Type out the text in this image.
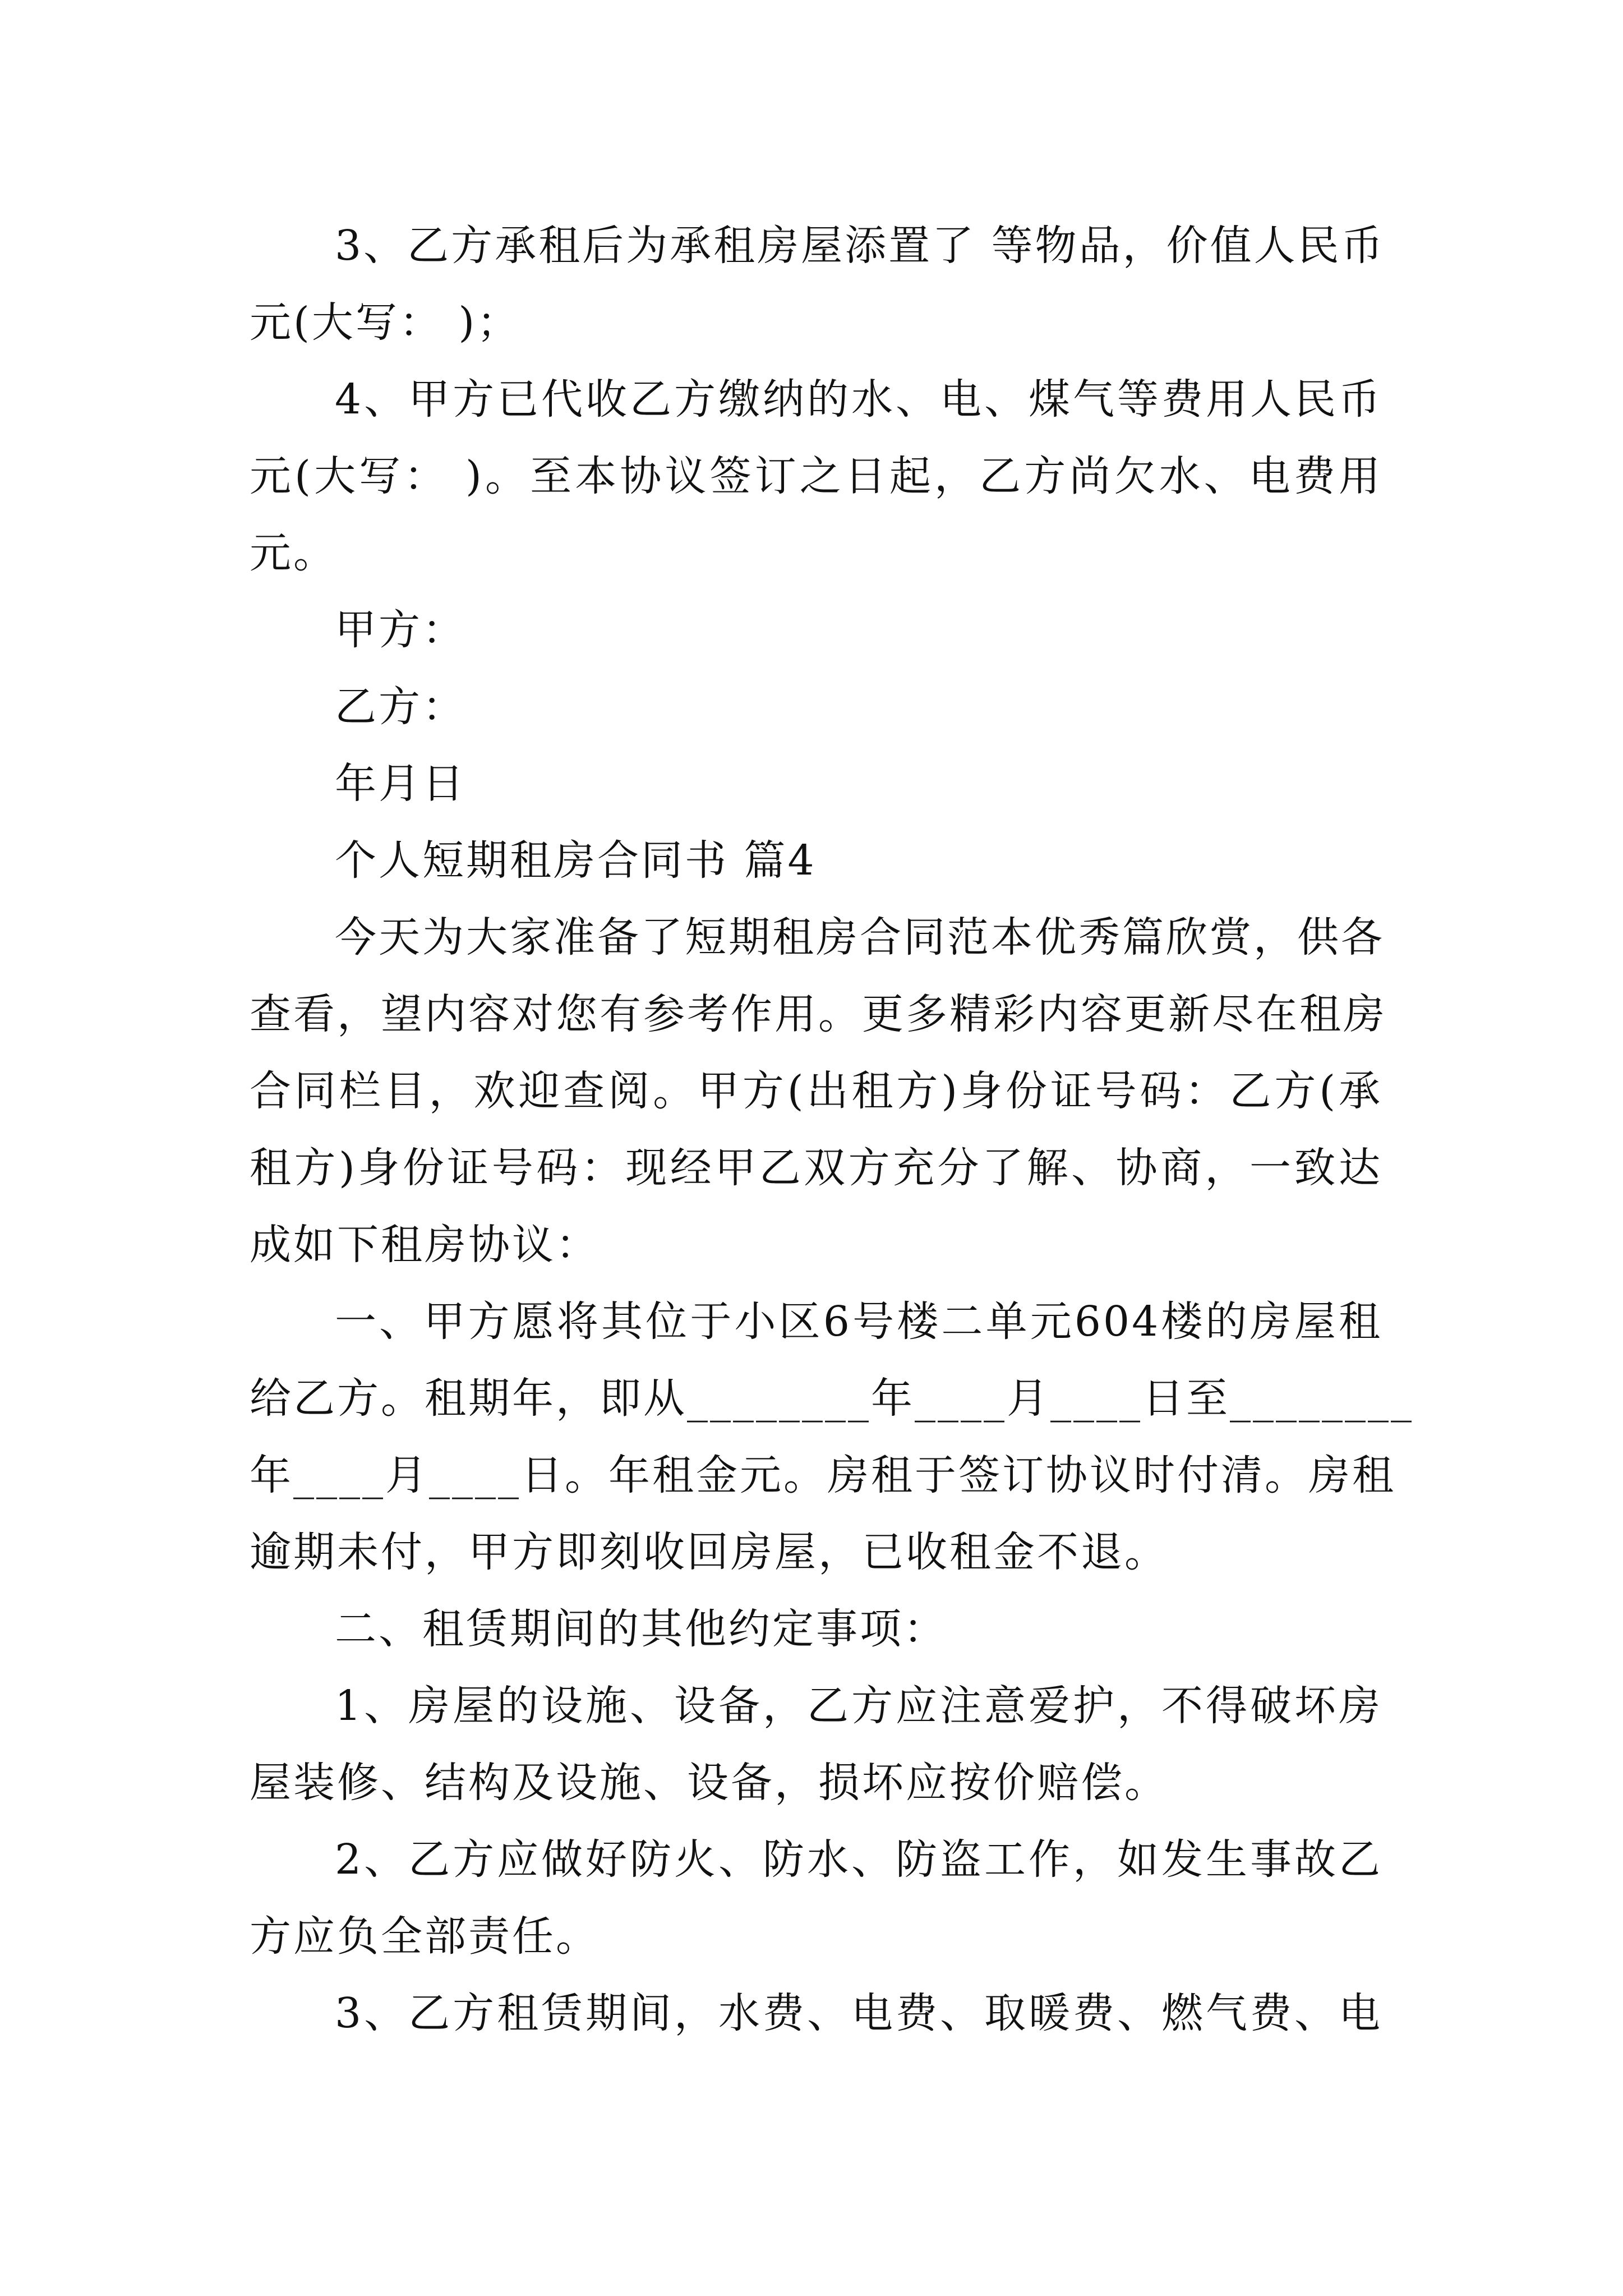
3、乙方承租后为承租房屋添置了 等物品，价值人民币
元(大写： )；
4、甲方已代收乙方缴纳的水、电、煤气等费用人民币
元(大写： )。至本协议签订之日起，乙方尚欠水、电费用
元。
甲方：
乙方：
年月日
个人短期租房合同书 篇4
今天为大家准备了短期租房合同范本优秀篇欣赏，供各
查看，望内容对您有参考作用。更多精彩内容更新尽在租房
合同栏目，欢迎查阅。甲方(出租方)身份证号码：乙方(承
租方)身份证号码：现经甲乙双方充分了解、协商，一致达
成如下租房协议：
一、甲方愿将其位于小区6号楼二单元604楼的房屋租
给乙方。租期年，即从________年____月____日至________
年____月____日。年租金元。房租于签订协议时付清。房租
逾期未付，甲方即刻收回房屋，已收租金不退。
二、租赁期间的其他约定事项：
1、房屋的设施、设备，乙方应注意爱护，不得破坏房
屋装修、结构及设施、设备，损坏应按价赔偿。
2、乙方应做好防火、防水、防盗工作，如发生事故乙
方应负全部责任。
3、乙方租赁期间，水费、电费、取暖费、燃气费、电
